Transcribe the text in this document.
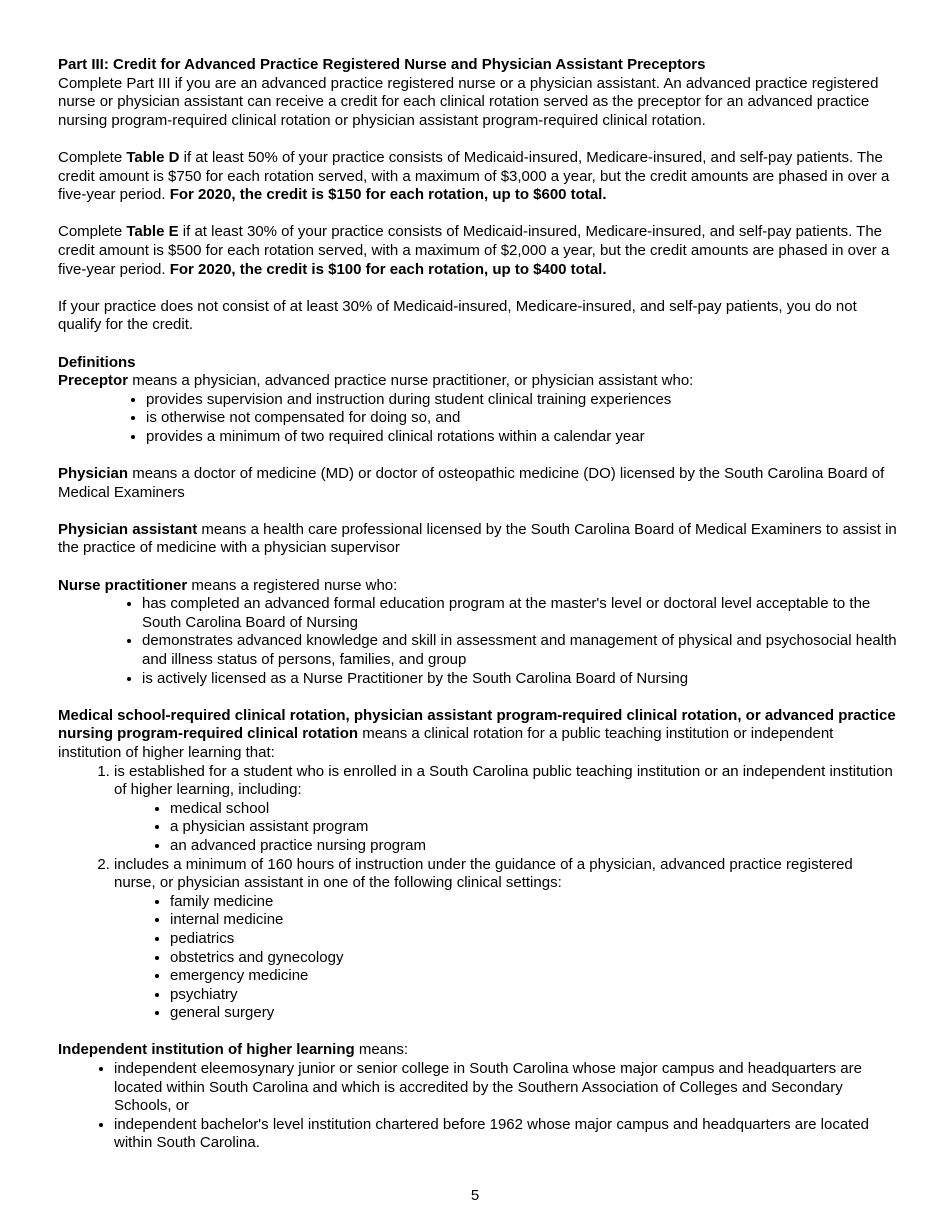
Part III: Credit for Advanced Practice Registered Nurse and Physician Assistant Preceptors

Complete Part III if you are an advanced practice registered nurse or a physician assistant. An advanced practice registered nurse or physician assistant can receive a credit for each clinical rotation served as the preceptor for an advanced practice nursing program-required clinical rotation or physician assistant program-required clinical rotation.

Complete Table D if at least 50% of your practice consists of Medicaid-insured, Medicare-insured, and self-pay patients. The credit amount is $750 for each rotation served, with a maximum of $3,000 a year, but the credit amounts are phased in over a five-year period. For 2020, the credit is $150 for each rotation, up to $600 total.

Complete Table E if at least 30% of your practice consists of Medicaid-insured, Medicare-insured, and self-pay patients. The credit amount is $500 for each rotation served, with a maximum of $2,000 a year, but the credit amounts are phased in over a five-year period. For 2020, the credit is $100 for each rotation, up to $400 total.

If your practice does not consist of at least 30% of Medicaid-insured, Medicare-insured, and self-pay patients, you do not qualify for the credit.

Definitions

Preceptor means a physician, advanced practice nurse practitioner, or physician assistant who:

• provides supervision and instruction during student clinical training experiences
• is otherwise not compensated for doing so, and
• provides a minimum of two required clinical rotations within a calendar year

Physician means a doctor of medicine (MD) or doctor of osteopathic medicine (DO) licensed by the South Carolina Board of Medical Examiners

Physician assistant means a health care professional licensed by the South Carolina Board of Medical Examiners to assist in the practice of medicine with a physician supervisor

Nurse practitioner means a registered nurse who:

• has completed an advanced formal education program at the master's level or doctoral level acceptable to the South Carolina Board of Nursing
• demonstrates advanced knowledge and skill in assessment and management of physical and psychosocial health and illness status of persons, families, and group
• is actively licensed as a Nurse Practitioner by the South Carolina Board of Nursing

Medical school-required clinical rotation, physician assistant program-required clinical rotation, or advanced practice nursing program-required clinical rotation means a clinical rotation for a public teaching institution or independent institution of higher learning that:

1. is established for a student who is enrolled in a South Carolina public teaching institution or an independent institution of higher learning, including:
• medical school
• a physician assistant program
• an advanced practice nursing program
2. includes a minimum of 160 hours of instruction under the guidance of a physician, advanced practice registered nurse, or physician assistant in one of the following clinical settings:
• family medicine
• internal medicine
• pediatrics
• obstetrics and gynecology
• emergency medicine
• psychiatry
• general surgery

Independent institution of higher learning means:

• independent eleemosynary junior or senior college in South Carolina whose major campus and headquarters are located within South Carolina and which is accredited by the Southern Association of Colleges and Secondary Schools, or
• independent bachelor's level institution chartered before 1962 whose major campus and headquarters are located within South Carolina.
5
